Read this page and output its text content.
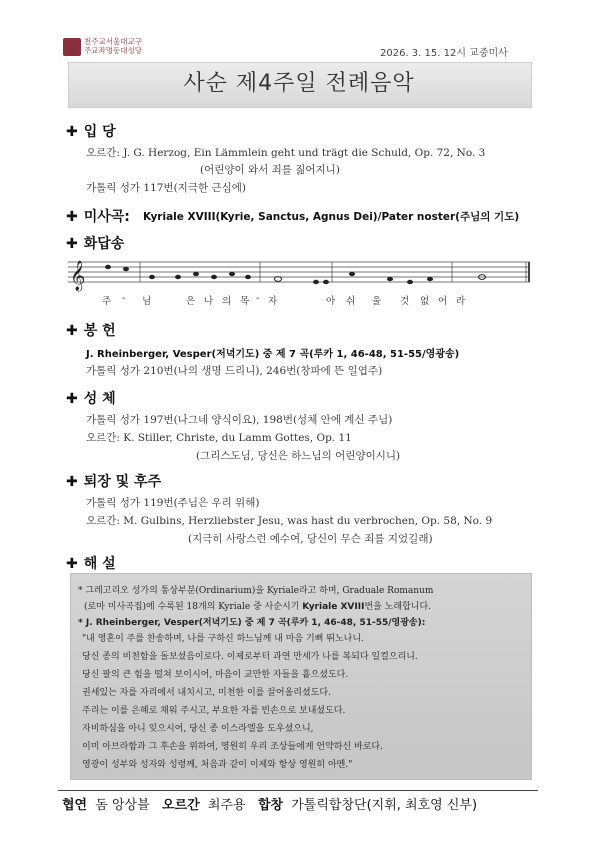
천주교서울대교구
주교좌명동대성당	2026. 3. 15. 12시 교중미사
사순 제4주일 전례음악
✚ 입 당
오르간: J. G. Herzog, Ein Lämmlein geht und trägt die Schuld, Op. 72, No. 3
(어린양이 와서 죄를 짊어지니)
가톨릭 성가 117번(지극한 근심에)
✚ 미사곡: Kyriale XVIII(Kyrie, Sanctus, Agnus Dei)/Pater noster(주님의 기도)
✚ 화답송
𝄞
주 - 님	은 나 의 목 - 자	아 쉬 울 것 없 어 라
✚ 봉 헌
J. Rheinberger, Vesper(저녁기도) 중 제 7 곡(루카 1, 46-48, 51-55/영광송)
가톨릭 성가 210번(나의 생명 드리니), 246번(창파에 뜬 일엽주)
✚ 성 체
가톨릭 성가 197번(나그네 양식이요), 198번(성체 안에 계신 주님)
오르간: K. Stiller, Christe, du Lamm Gottes, Op. 11
(그리스도님, 당신은 하느님의 어린양이시니)
✚ 퇴장 및 후주
가톨릭 성가 119번(주님은 우리 위해)
오르간: M. Gulbins, Herzliebster Jesu, was hast du verbrochen, Op. 58, No. 9
(지극히 사랑스런 예수여, 당신이 무슨 죄를 지었길래)
✚ 해 설
* 그레고리오 성가의 통상부분(Ordinarium)을 Kyriale라고 하며, Graduale Romanum
(로마 미사곡집)에 수록된 18개의 Kyriale 중 사순시기 Kyriale XVIII번을 노래합니다.
* J. Rheinberger, Vesper(저녁기도) 중 제 7 곡(루카 1, 46-48, 51-55/영광송):
"내 영혼이 주를 찬송하며, 나를 구하신 하느님께 내 마음 기뻐 뛰노나니.
당신 종의 비천함을 돌보셨음이로다. 이제로부터 과연 만세가 나를 복되다 일컬으리니.
당신 팔의 큰 힘을 떨쳐 보이시어, 마음이 교만한 자들을 흩으셨도다.
권세있는 자를 자리에서 내치시고, 미천한 이를 끌어올리셨도다.
주리는 이를 은혜로 채워 주시고, 부요한 자를 빈손으로 보내셨도다.
자비하심을 아니 잊으시어, 당신 종 이스라엘을 도우셨으니,
이미 아브라함과 그 후손을 위하여, 영원히 우리 조상들에게 언약하신 바로다.
영광이 성부와 성자와 성령께, 처음과 같이 이제와 항상 영원히 아멘."
협연 돔 앙상블 오르간 최주용 합창 가톨릭합창단(지휘, 최호영 신부)
